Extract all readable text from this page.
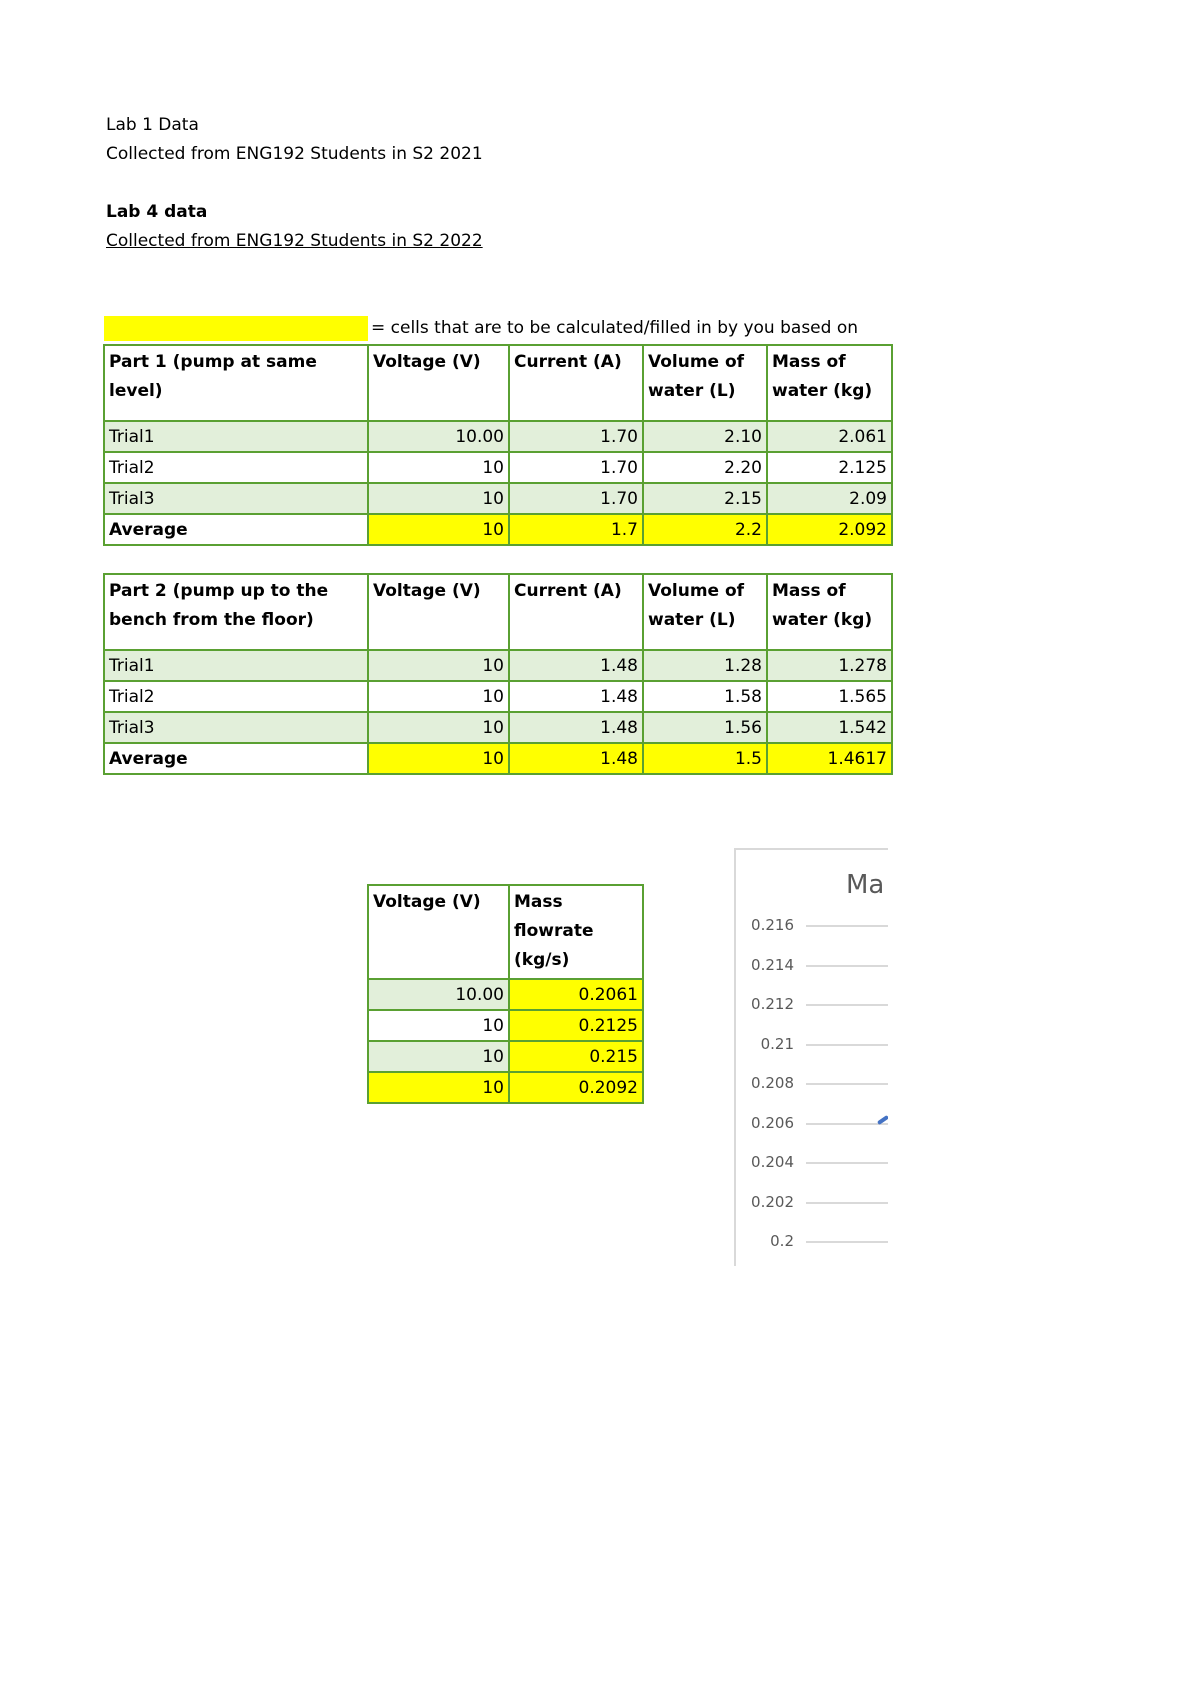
Lab 1 Data
Collected from ENG192 Students in S2 2021
Lab 4 data
Collected from ENG192 Students in S2 2022
= cells that are to be calculated/filled in by you based on
Part 1 (pump at same level)	Voltage (V)	Current (A)	Volume of water (L)	Mass of water (kg)
Trial1	10.00	1.70	2.10	2.061
Trial2	10	1.70	2.20	2.125
Trial3	10	1.70	2.15	2.09
Average	10	1.7	2.2	2.092
Part 2 (pump up to the bench from the floor)	Voltage (V)	Current (A)	Volume of water (L)	Mass of water (kg)
Trial1	10	1.48	1.28	1.278
Trial2	10	1.48	1.58	1.565
Trial3	10	1.48	1.56	1.542
Average	10	1.48	1.5	1.4617
Voltage (V)	Mass flowrate (kg/s)
10.00	0.2061
10	0.2125
10	0.215
10	0.2092
Ma
0.216
0.214
0.212
0.21
0.208
0.206
0.204
0.202
0.2
